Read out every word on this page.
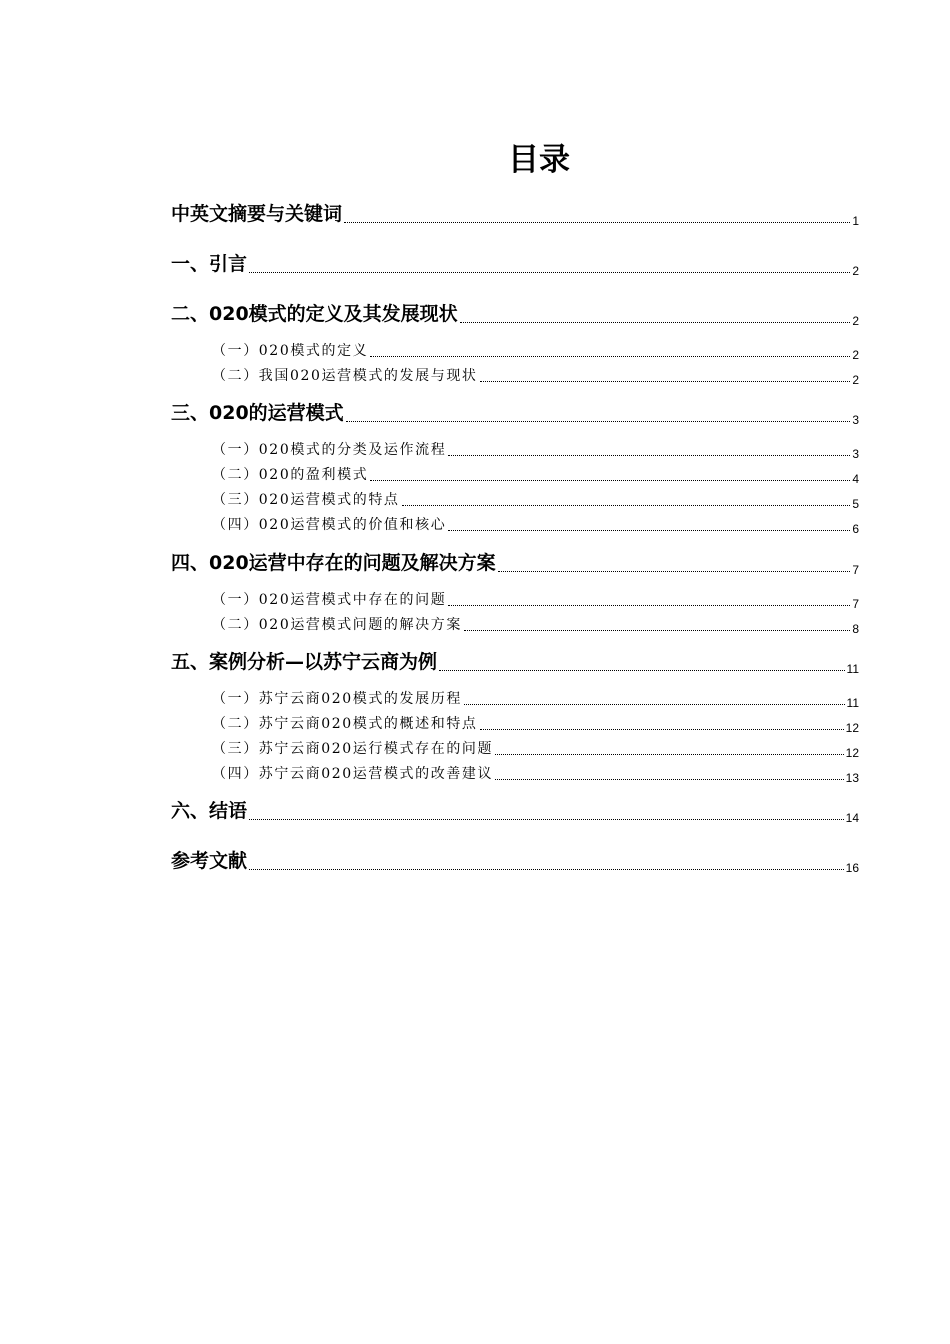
目录
中英文摘要与关键词	1
一、引言	2
二、020模式的定义及其发展现状	2
（一）020模式的定义	2
（二）我国020运营模式的发展与现状	2
三、020的运营模式	3
（一）020模式的分类及运作流程	3
（二）020的盈利模式	4
（三）020运营模式的特点	5
（四）020运营模式的价值和核心	6
四、020运营中存在的问题及解决方案	7
（一）020运营模式中存在的问题	7
（二）020运营模式问题的解决方案	8
五、案例分析—以苏宁云商为例	11
（一）苏宁云商020模式的发展历程	11
（二）苏宁云商020模式的概述和特点	12
（三）苏宁云商020运行模式存在的问题	12
（四）苏宁云商020运营模式的改善建议	13
六、结语	14
参考文献	16
